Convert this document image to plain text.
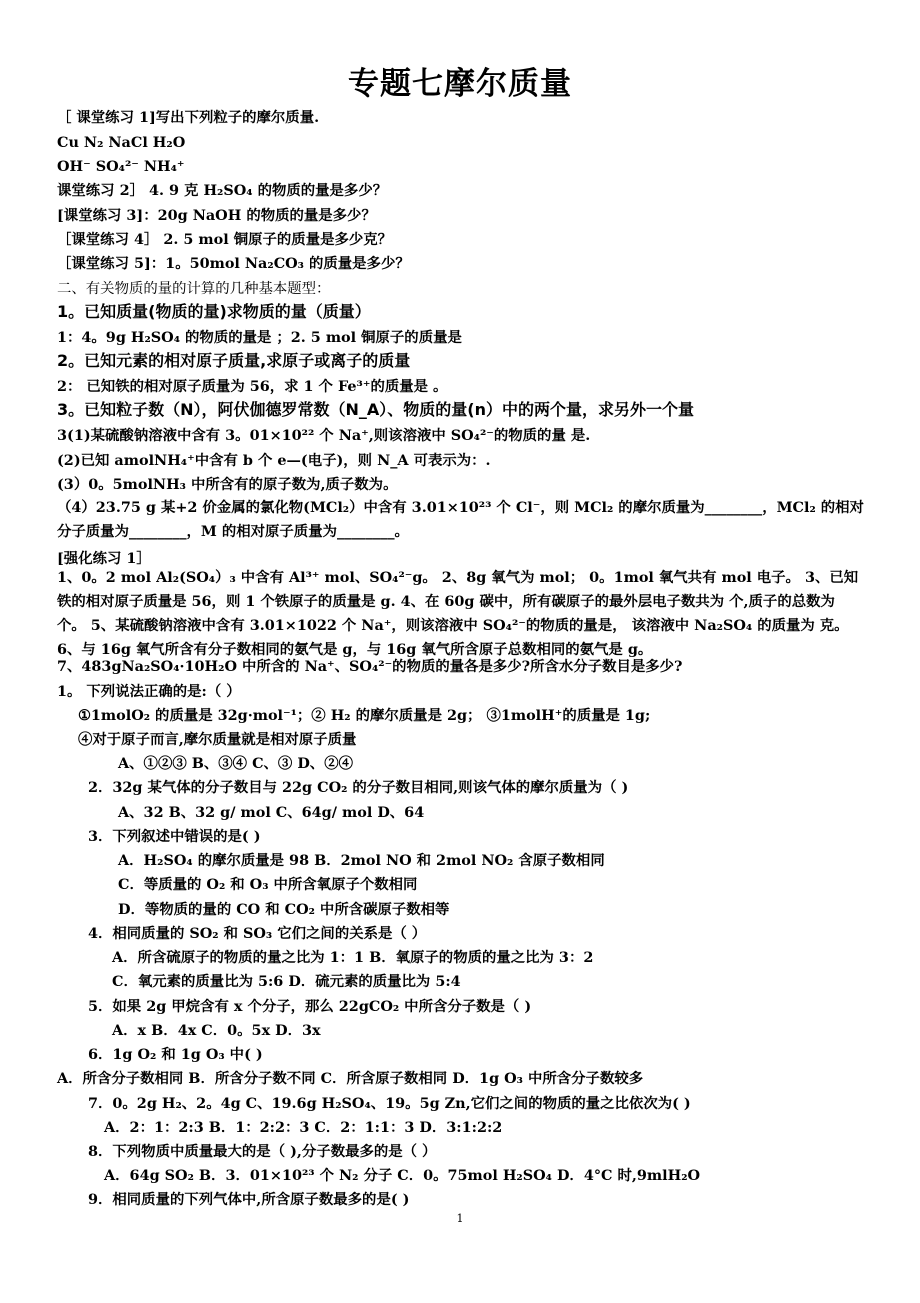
专题七摩尔质量
［ 课堂练习 1]写出下列粒子的摩尔质量.
Cu N₂ NaCl H₂O
OH⁻ SO₄²⁻ NH₄⁺
课堂练习 2］ 4. 9 克 H₂SO₄ 的物质的量是多少？
[课堂练习 3]：20g NaOH 的物质的量是多少？
［课堂练习 4］ 2. 5 mol 铜原子的质量是多少克？
［课堂练习 5]：1。50mol Na₂CO₃ 的质量是多少？
二、有关物质的量的计算的几种基本题型：
1。已知质量(物质的量)求物质的量（质量）
1：4。9g H₂SO₄ 的物质的量是 ；2. 5 mol 铜原子的质量是
2。已知元素的相对原子质量,求原子或离子的质量
2： 已知铁的相对原子质量为 56，求 1 个 Fe³⁺的质量是 。
3。已知粒子数（N），阿伏伽德罗常数（N_A）、物质的量(n）中的两个量，求另外一个量
3(1)某硫酸钠溶液中含有 3。01×10²² 个 Na⁺,则该溶液中 SO₄²⁻的物质的量 是.
(2)已知 amolNH₄⁺中含有 b 个 e—(电子)，则 N_A 可表示为：.
(3）0。5molNH₃ 中所含有的原子数为,质子数为。
（4）23.75 g 某+2 价金属的氯化物(MCl₂）中含有 3.01×10²³ 个 Cl⁻，则 MCl₂ 的摩尔质量为________，MCl₂ 的相对分子质量为________，M 的相对原子质量为________。
[强化练习 1］
1、0。2 mol Al₂(SO₄）₃ 中含有 Al³⁺ mol、SO₄²⁻g。 2、8g 氧气为 mol； 0。1mol 氧气共有 mol 电子。 3、已知铁的相对原子质量是 56，则 1 个铁原子的质量是 g. 4、在 60g 碳中，所有碳原子的最外层电子数共为 个,质子的总数为 个。 5、某硫酸钠溶液中含有 3.01×1022 个 Na⁺，则该溶液中 SO₄²⁻的物质的量是， 该溶液中 Na₂SO₄ 的质量为 克。 6、与 16g 氧气所含有分子数相同的氨气是 g，与 16g 氧气所含原子总数相同的氨气是 g。
7、483gNa₂SO₄·10H₂O 中所含的 Na⁺、SO₄²⁻的物质的量各是多少?所含水分子数目是多少?
1。 下列说法正确的是:（ ）
①1molO₂ 的质量是 32g·mol⁻¹；② H₂ 的摩尔质量是 2g； ③1molH⁺的质量是 1g;
④对于原子而言,摩尔质量就是相对原子质量
A、①②③ B、③④ C、③ D、②④
2．32g 某气体的分子数目与 22g CO₂ 的分子数目相同,则该气体的摩尔质量为（ )
A、32 B、32 g/ mol C、64g/ mol D、64
3．下列叙述中错误的是( )
A．H₂SO₄ 的摩尔质量是 98 B．2mol NO 和 2mol NO₂ 含原子数相同
C．等质量的 O₂ 和 O₃ 中所含氧原子个数相同
D．等物质的量的 CO 和 CO₂ 中所含碳原子数相等
4．相同质量的 SO₂ 和 SO₃ 它们之间的关系是（ ）
A．所含硫原子的物质的量之比为 1：1 B．氧原子的物质的量之比为 3：2
C．氧元素的质量比为 5:6 D．硫元素的质量比为 5:4
5．如果 2g 甲烷含有 x 个分子，那么 22gCO₂ 中所含分子数是（ )
A．x B．4x C．0。5x D．3x
6．1g O₂ 和 1g O₃ 中( )
A．所含分子数相同 B．所含分子数不同 C．所含原子数相同 D．1g O₃ 中所含分子数较多
7．0。2g H₂、2。4g C、19.6g H₂SO₄、19。5g Zn,它们之间的物质的量之比依次为( )
A．2：1：2:3 B．1：2:2：3 C．2：1:1：3 D．3:1:2:2
8．下列物质中质量最大的是（ ),分子数最多的是（ ）
A．64g SO₂ B．3．01×10²³ 个 N₂ 分子 C．0。75mol H₂SO₄ D．4°C 时,9mlH₂O
9．相同质量的下列气体中,所含原子数最多的是( )
1
